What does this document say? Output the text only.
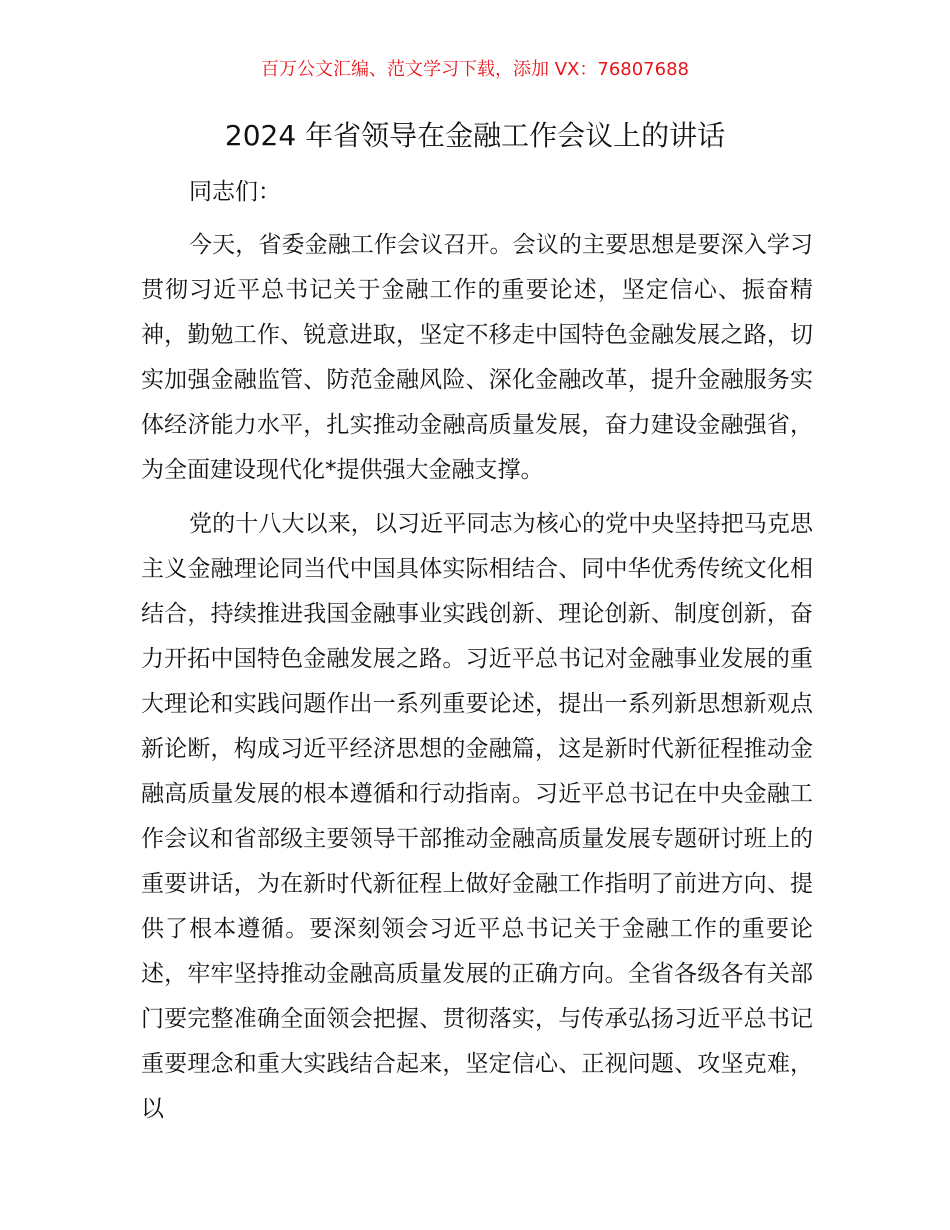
百万公文汇编、范文学习下载，添加 VX：76807688
2024 年省领导在金融工作会议上的讲话

同志们：

今天，省委金融工作会议召开。会议的主要思想是要深入学习贯彻习近平总书记关于金融工作的重要论述，坚定信心、振奋精神，勤勉工作、锐意进取，坚定不移走中国特色金融发展之路，切实加强金融监管、防范金融风险、深化金融改革，提升金融服务实体经济能力水平，扎实推动金融高质量发展，奋力建设金融强省，为全面建设现代化*提供强大金融支撑。

党的十八大以来，以习近平同志为核心的党中央坚持把马克思主义金融理论同当代中国具体实际相结合、同中华优秀传统文化相结合，持续推进我国金融事业实践创新、理论创新、制度创新，奋力开拓中国特色金融发展之路。习近平总书记对金融事业发展的重大理论和实践问题作出一系列重要论述，提出一系列新思想新观点新论断，构成习近平经济思想的金融篇，这是新时代新征程推动金融高质量发展的根本遵循和行动指南。习近平总书记在中央金融工作会议和省部级主要领导干部推动金融高质量发展专题研讨班上的重要讲话，为在新时代新征程上做好金融工作指明了前进方向、提供了根本遵循。要深刻领会习近平总书记关于金融工作的重要论述，牢牢坚持推动金融高质量发展的正确方向。全省各级各有关部门要完整准确全面领会把握、贯彻落实，与传承弘扬习近平总书记重要理念和重大实践结合起来，坚定信心、正视问题、攻坚克难，以
